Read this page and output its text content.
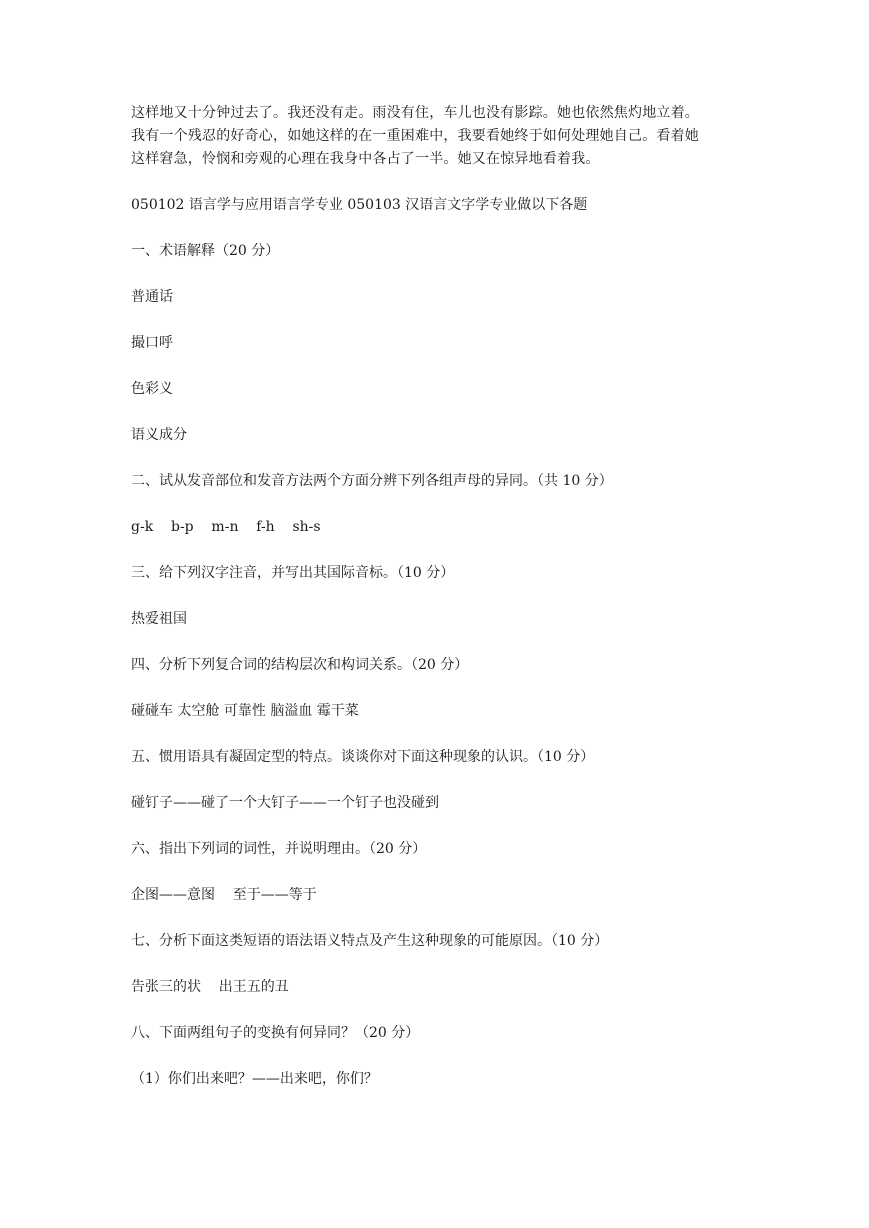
这样地又十分钟过去了。我还没有走。雨没有住，车儿也没有影踪。她也依然焦灼地立着。

我有一个残忍的好奇心，如她这样的在一重困难中，我要看她终于如何处理她自己。看着她

这样窘急，怜悯和旁观的心理在我身中各占了一半。她又在惊异地看着我。

050102 语言学与应用语言学专业 050103 汉语言文字学专业做以下各题

一、术语解释（20 分）

普通话

撮口呼

色彩义

语义成分

二、试从发音部位和发音方法两个方面分辨下列各组声母的异同。（共 10 分）

g-k    b-p    m-n    f-h    sh-s

三、给下列汉字注音，并写出其国际音标。（10 分）

热爱祖国

四、分析下列复合词的结构层次和构词关系。（20 分）

碰碰车 太空舱 可靠性 脑溢血 霉干菜

五、惯用语具有凝固定型的特点。谈谈你对下面这种现象的认识。（10 分）

碰钉子——碰了一个大钉子——一个钉子也没碰到

六、指出下列词的词性，并说明理由。（20 分）

企图——意图    至于——等于

七、分析下面这类短语的语法语义特点及产生这种现象的可能原因。（10 分）

告张三的状    出王五的丑

八、下面两组句子的变换有何异同？（20 分）

（1）你们出来吧？——出来吧，你们？
